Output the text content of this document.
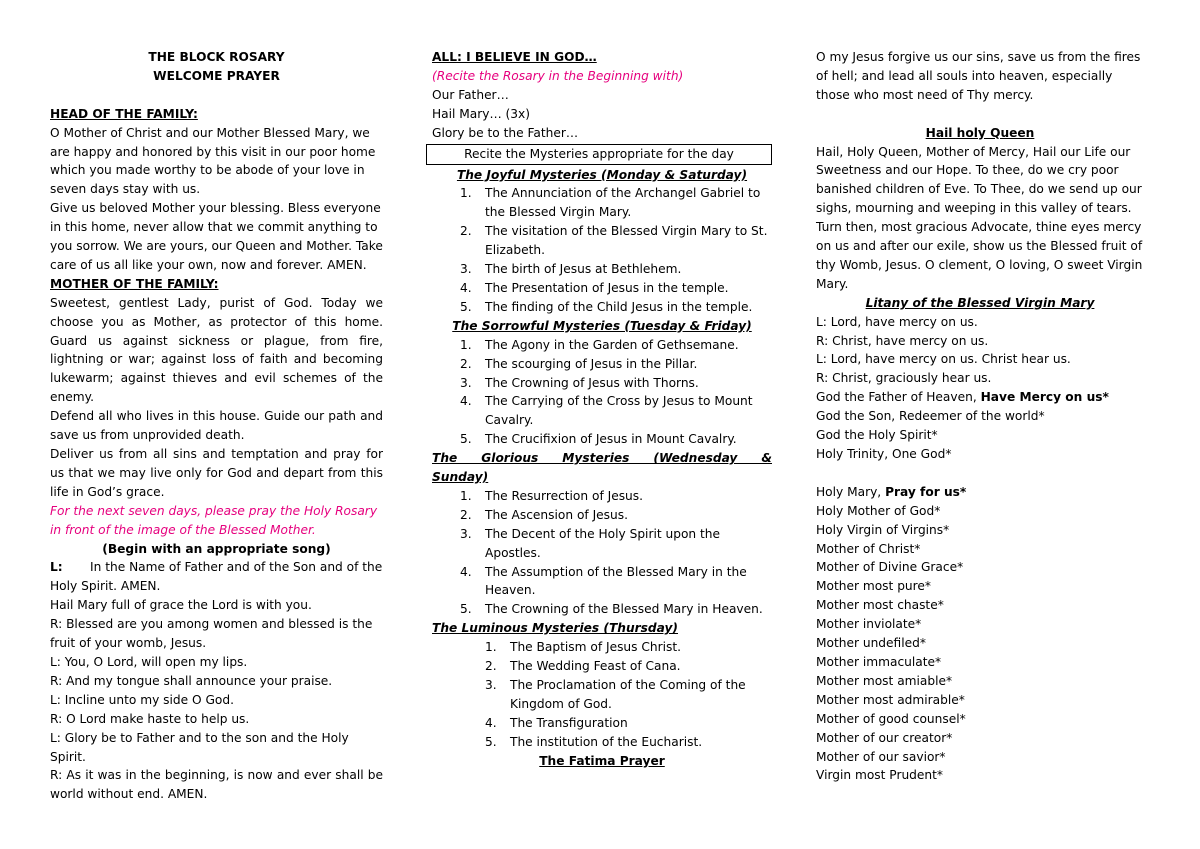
THE BLOCK ROSARY

WELCOME PRAYER

HEAD OF THE FAMILY:

O Mother of Christ and our Mother Blessed Mary, we are happy and honored by this visit in our poor home which you made worthy to be abode of your love in seven days stay with us.

Give us beloved Mother your blessing. Bless everyone in this home, never allow that we commit anything to you sorrow. We are yours, our Queen and Mother. Take care of us all like your own, now and forever. AMEN.

MOTHER OF THE FAMILY:

Sweetest, gentlest Lady, purist of God. Today we choose you as Mother, as protector of this home. Guard us against sickness or plague, from fire, lightning or war; against loss of faith and becoming lukewarm; against thieves and evil schemes of the enemy.

Defend all who lives in this house. Guide our path and save us from unprovided death.

Deliver us from all sins and temptation and pray for us that we may live only for God and depart from this life in God’s grace.

For the next seven days, please pray the Holy Rosary in front of the image of the Blessed Mother.

(Begin with an appropriate song)

L: In the Name of Father and of the Son and of the Holy Spirit. AMEN.

Hail Mary full of grace the Lord is with you.

R: Blessed are you among women and blessed is the fruit of your womb, Jesus.

L: You, O Lord, will open my lips.

R: And my tongue shall announce your praise.

L: Incline unto my side O God.

R: O Lord make haste to help us.

L: Glory be to Father and to the son and the Holy Spirit.

R: As it was in the beginning, is now and ever shall be world without end. AMEN.

ALL: I BELIEVE IN GOD…

(Recite the Rosary in the Beginning with)

Our Father…

Hail Mary… (3x)

Glory be to the Father…

Recite the Mysteries appropriate for the day

The Joyful Mysteries (Monday & Saturday)

1. The Annunciation of the Archangel Gabriel to the Blessed Virgin Mary.
2. The visitation of the Blessed Virgin Mary to St. Elizabeth.
3. The birth of Jesus at Bethlehem.
4. The Presentation of Jesus in the temple.
5. The finding of the Child Jesus in the temple.

The Sorrowful Mysteries (Tuesday & Friday)

1. The Agony in the Garden of Gethsemane.
2. The scourging of Jesus in the Pillar.
3. The Crowning of Jesus with Thorns.
4. The Carrying of the Cross by Jesus to Mount Cavalry.
5. The Crucifixion of Jesus in Mount Cavalry.

The Glorious Mysteries (Wednesday & Sunday)

1. The Resurrection of Jesus.
2. The Ascension of Jesus.
3. The Decent of the Holy Spirit upon the Apostles.
4. The Assumption of the Blessed Mary in the Heaven.
5. The Crowning of the Blessed Mary in Heaven.

The Luminous Mysteries (Thursday)

1. The Baptism of Jesus Christ.
2. The Wedding Feast of Cana.
3. The Proclamation of the Coming of the Kingdom of God.
4. The Transfiguration
5. The institution of the Eucharist.

The Fatima Prayer

O my Jesus forgive us our sins, save us from the fires of hell; and lead all souls into heaven, especially those who most need of Thy mercy.

Hail holy Queen

Hail, Holy Queen, Mother of Mercy, Hail our Life our Sweetness and our Hope. To thee, do we cry poor banished children of Eve. To Thee, do we send up our sighs, mourning and weeping in this valley of tears. Turn then, most gracious Advocate, thine eyes mercy on us and after our exile, show us the Blessed fruit of thy Womb, Jesus. O clement, O loving, O sweet Virgin Mary.

Litany of the Blessed Virgin Mary

L: Lord, have mercy on us.

R: Christ, have mercy on us.

L: Lord, have mercy on us. Christ hear us.

R: Christ, graciously hear us.

God the Father of Heaven, Have Mercy on us*

God the Son, Redeemer of the world*

God the Holy Spirit*

Holy Trinity, One God*

Holy Mary, Pray for us*

Holy Mother of God*

Holy Virgin of Virgins*

Mother of Christ*

Mother of Divine Grace*

Mother most pure*

Mother most chaste*

Mother inviolate*

Mother undefiled*

Mother immaculate*

Mother most amiable*

Mother most admirable*

Mother of good counsel*

Mother of our creator*

Mother of our savior*

Virgin most Prudent*
